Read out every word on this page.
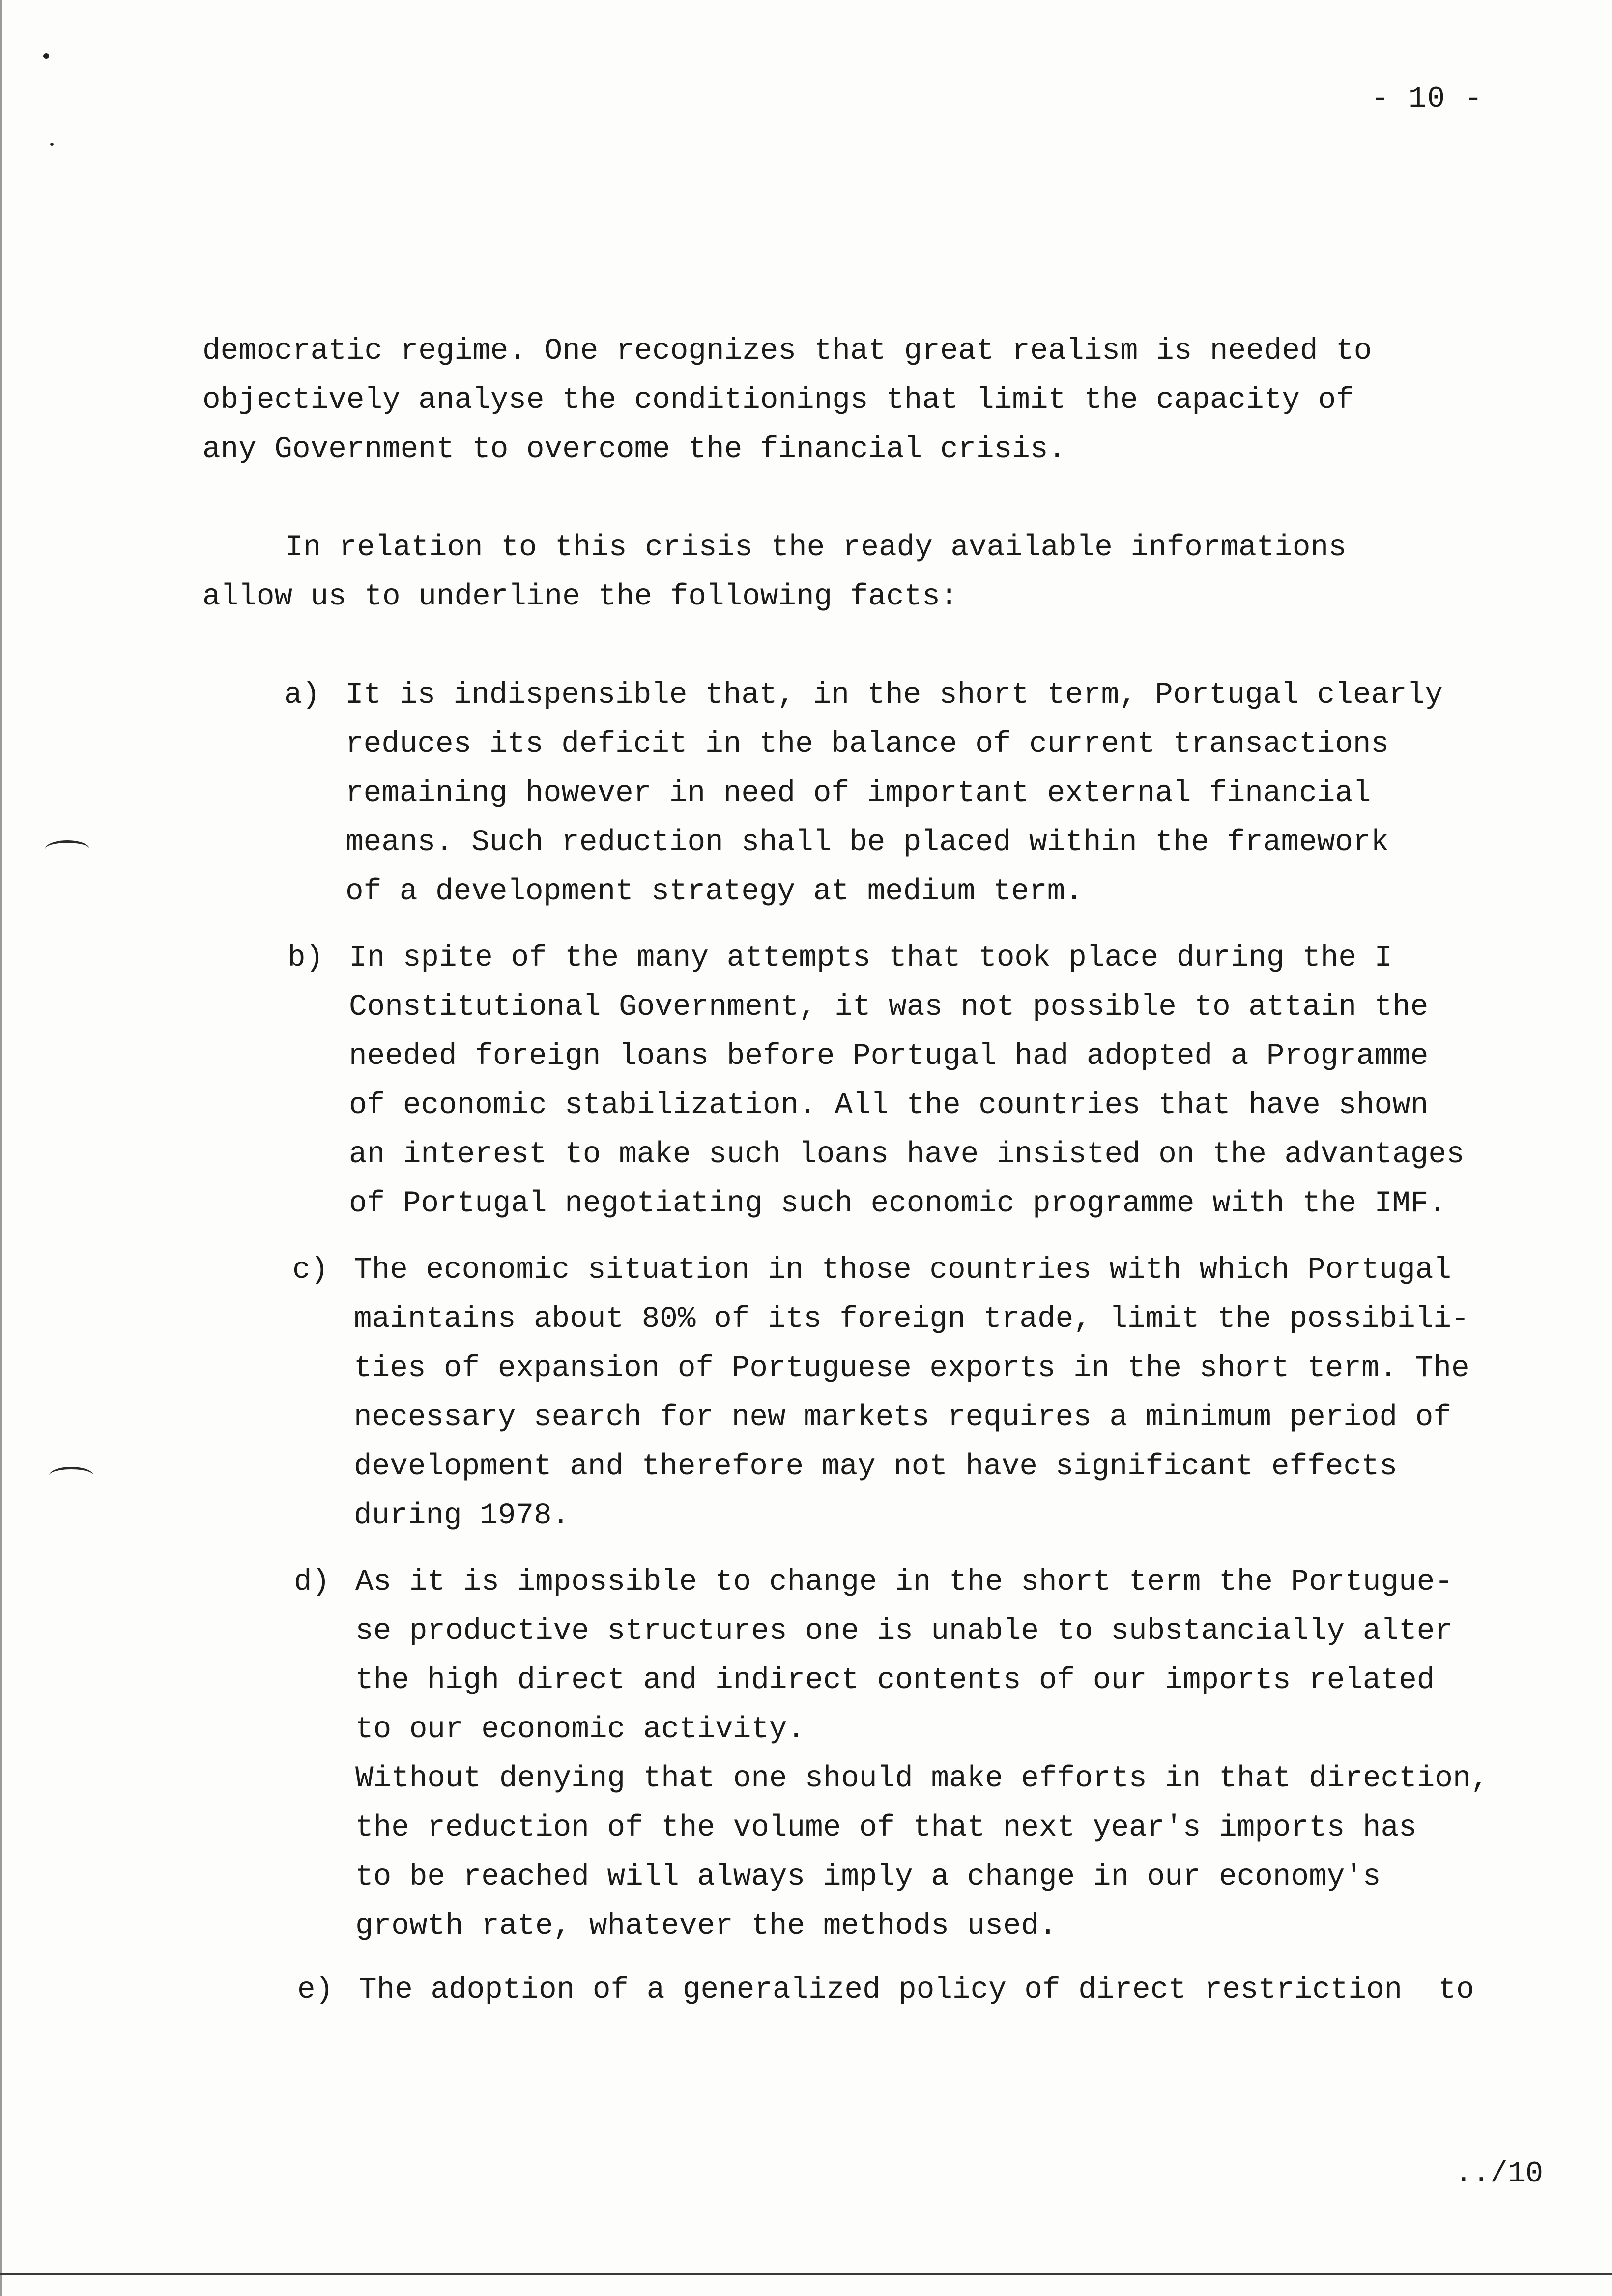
- 10 -
democratic regime. One recognizes that great realism is needed to
objectively analyse the conditionings that limit the capacity of
any Government to overcome the financial crisis.
In relation to this crisis the ready available informations
allow us to underline the following facts:
a) It is indispensible that, in the short term, Portugal clearly
reduces its deficit in the balance of current transactions
remaining however in need of important external financial
means. Such reduction shall be placed within the framework
of a development strategy at medium term.
b) In spite of the many attempts that took place during the I
Constitutional Government, it was not possible to attain the
needed foreign loans before Portugal had adopted a Programme
of economic stabilization. All the countries that have shown
an interest to make such loans have insisted on the advantages
of Portugal negotiating such economic programme with the IMF.
c) The economic situation in those countries with which Portugal
maintains about 80% of its foreign trade, limit the possibili-
ties of expansion of Portuguese exports in the short term. The
necessary search for new markets requires a minimum period of
development and therefore may not have significant effects
during 1978.
d) As it is impossible to change in the short term the Portugue-
se productive structures one is unable to substancially alter
the high direct and indirect contents of our imports related
to our economic activity.
Without denying that one should make efforts in that direction,
the reduction of the volume of that next year's imports has
to be reached will always imply a change in our economy's
growth rate, whatever the methods used.
e) The adoption of a generalized policy of direct restriction  to
../10
